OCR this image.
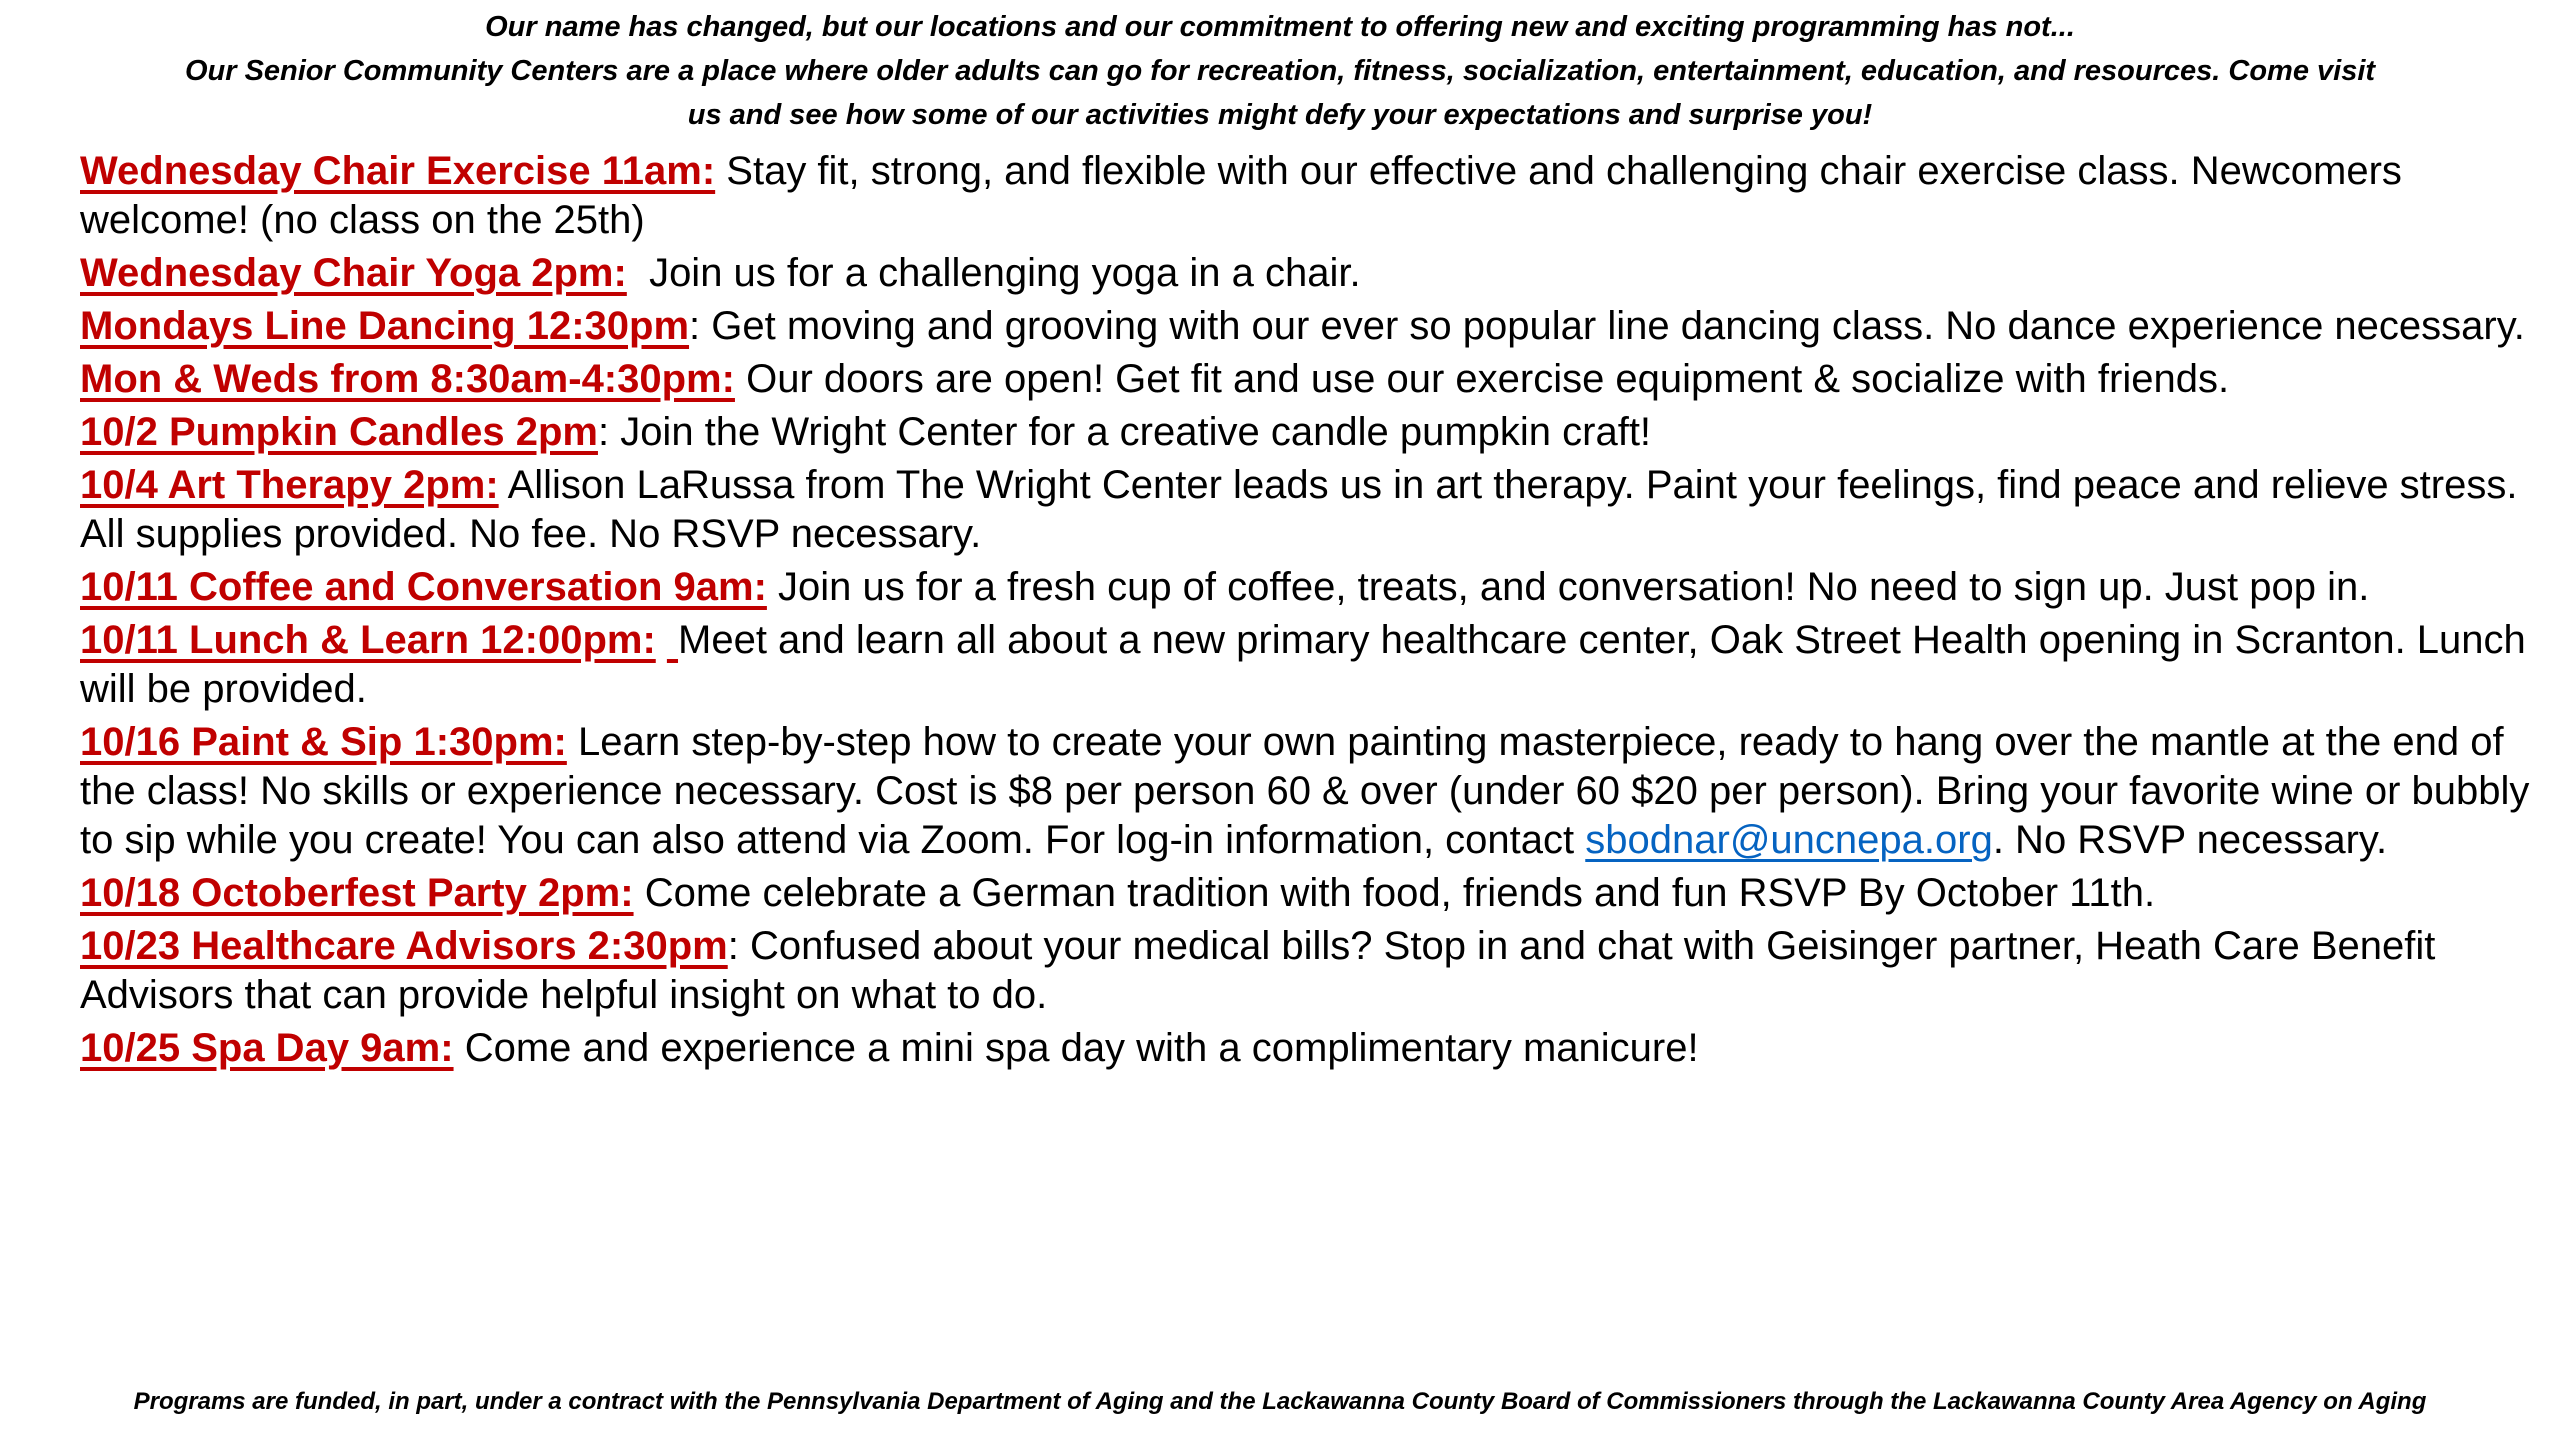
Our name has changed, but our locations and our commitment to offering new and exciting programming has not...

Our Senior Community Centers are a place where older adults can go for recreation, fitness, socialization, entertainment, education, and resources. Come visit

us and see how some of our activities might defy your expectations and surprise you!

Wednesday Chair Exercise 11am: Stay fit, strong, and flexible with our effective and challenging chair exercise class. Newcomers welcome! (no class on the 25th)

Wednesday Chair Yoga 2pm: Join us for a challenging yoga in a chair.

Mondays Line Dancing 12:30pm: Get moving and grooving with our ever so popular line dancing class. No dance experience necessary.

Mon & Weds from 8:30am-4:30pm: Our doors are open! Get fit and use our exercise equipment & socialize with friends.

10/2 Pumpkin Candles 2pm: Join the Wright Center for a creative candle pumpkin craft!

10/4 Art Therapy 2pm: Allison LaRussa from The Wright Center leads us in art therapy. Paint your feelings, find peace and relieve stress. All supplies provided. No fee. No RSVP necessary.

10/11 Coffee and Conversation 9am: Join us for a fresh cup of coffee, treats, and conversation! No need to sign up. Just pop in.

10/11 Lunch & Learn 12:00pm: Meet and learn all about a new primary healthcare center, Oak Street Health opening in Scranton. Lunch will be provided.

10/16 Paint & Sip 1:30pm: Learn step-by-step how to create your own painting masterpiece, ready to hang over the mantle at the end of the class! No skills or experience necessary. Cost is $8 per person 60 & over (under 60 $20 per person). Bring your favorite wine or bubbly to sip while you create! You can also attend via Zoom. For log-in information, contact sbodnar@uncnepa.org. No RSVP necessary.

10/18 Octoberfest Party 2pm: Come celebrate a German tradition with food, friends and fun RSVP By October 11th.

10/23 Healthcare Advisors 2:30pm: Confused about your medical bills? Stop in and chat with Geisinger partner, Heath Care Benefit Advisors that can provide helpful insight on what to do.

10/25 Spa Day 9am: Come and experience a mini spa day with a complimentary manicure!

Programs are funded, in part, under a contract with the Pennsylvania Department of Aging and the Lackawanna County Board of Commissioners through the Lackawanna County Area Agency on Aging
